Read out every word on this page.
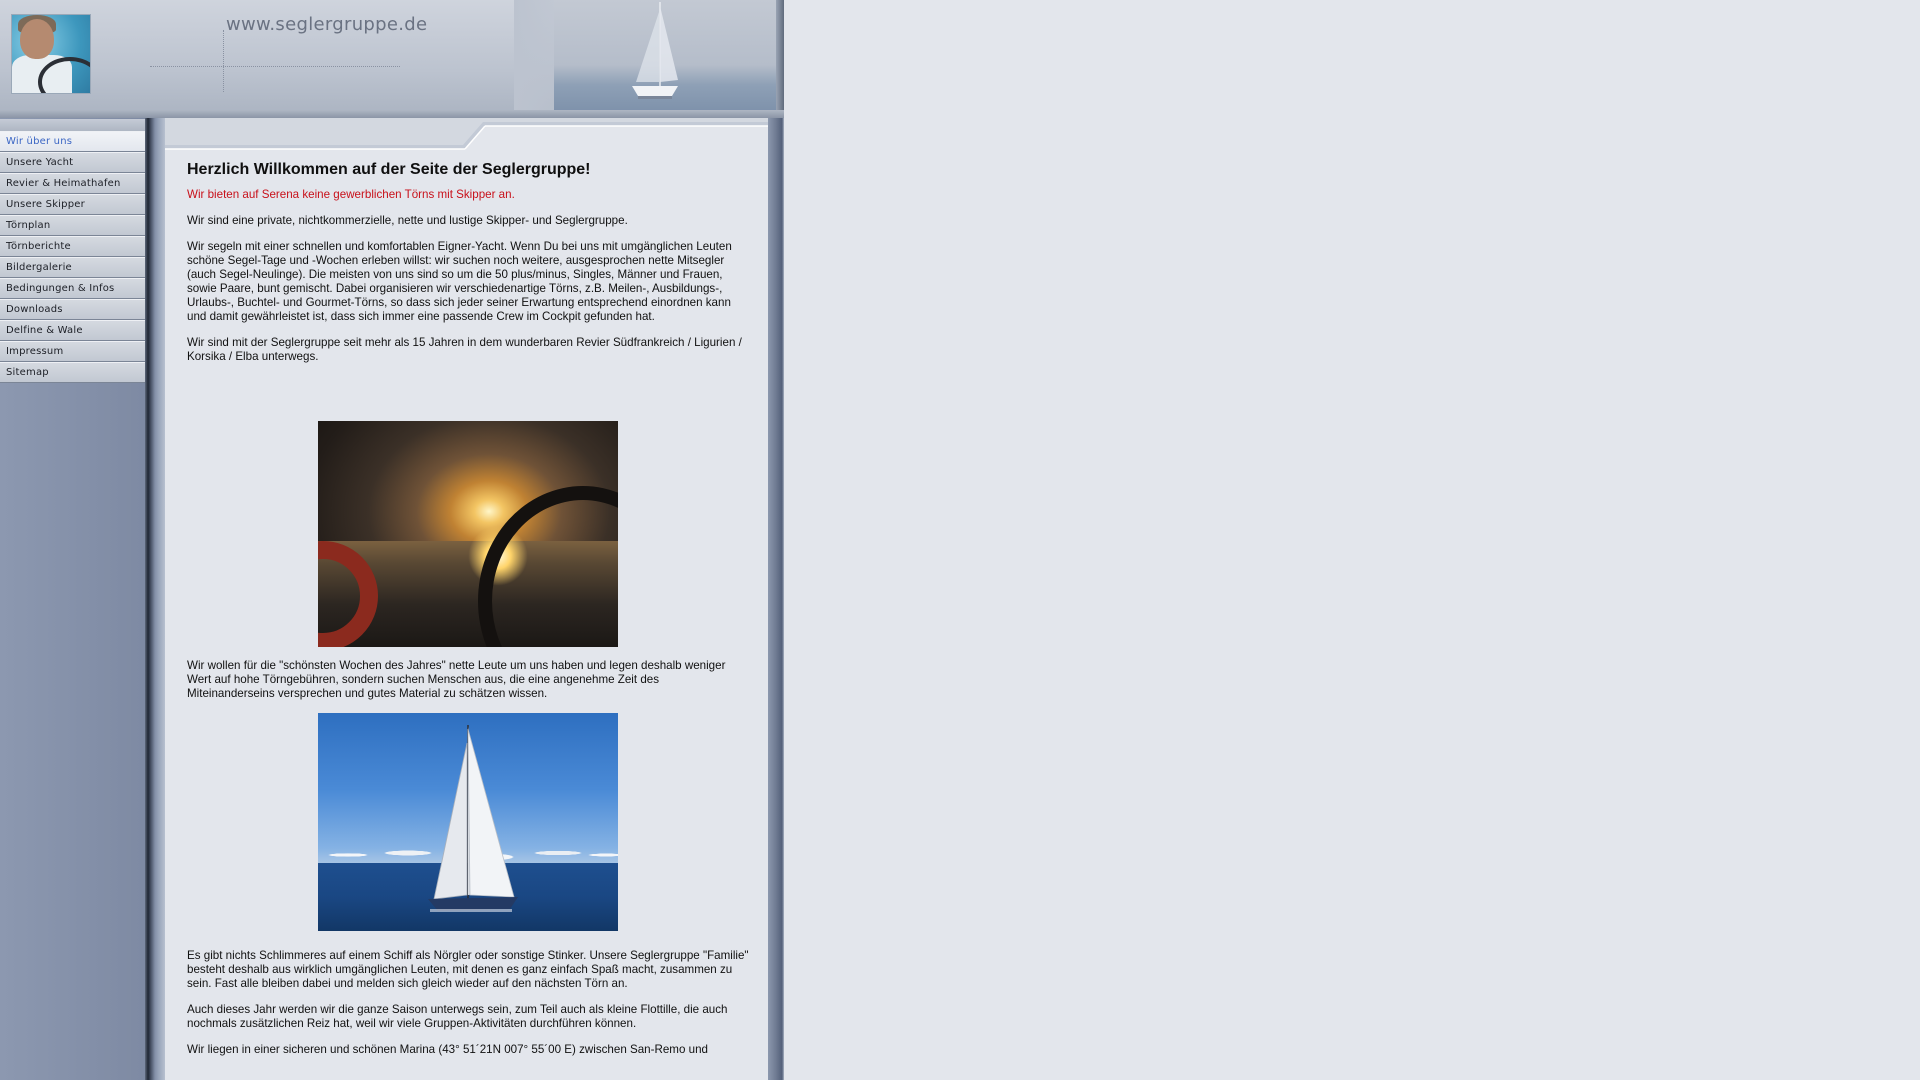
www.seglergruppe.de
Wir über uns
Unsere Yacht
Revier & Heimathafen
Unsere Skipper
Törnplan
Törnberichte
Bildergalerie
Bedingungen & Infos
Downloads
Delfine & Wale
Impressum
Sitemap
Herzlich Willkommen auf der Seite der Seglergruppe!

Wir bieten auf Serena keine gewerblichen Törns mit Skipper an.

Wir sind eine private, nichtkommerzielle, nette und lustige Skipper- und Seglergruppe.

Wir segeln mit einer schnellen und komfortablen Eigner-Yacht. Wenn Du bei uns mit umgänglichen Leuten schöne Segel-Tage und -Wochen erleben willst: wir suchen noch weitere, ausgesprochen nette Mitsegler (auch Segel-Neulinge). Die meisten von uns sind so um die 50 plus/minus, Singles, Männer und Frauen, sowie Paare, bunt gemischt. Dabei organisieren wir verschiedenartige Törns, z.B. Meilen-, Ausbildungs-, Urlaubs-, Buchtel- und Gourmet-Törns, so dass sich jeder seiner Erwartung entsprechend einordnen kann und damit gewährleistet ist, dass sich immer eine passende Crew im Cockpit gefunden hat.

Wir sind mit der Seglergruppe seit mehr als 15 Jahren in dem wunderbaren Revier Südfrankreich / Ligurien / Korsika / Elba unterwegs.

Wir wollen für die "schönsten Wochen des Jahres" nette Leute um uns haben und legen deshalb weniger Wert auf hohe Törngebühren, sondern suchen Menschen aus, die eine angenehme Zeit des Miteinanderseins versprechen und gutes Material zu schätzen wissen.

Es gibt nichts Schlimmeres auf einem Schiff als Nörgler oder sonstige Stinker. Unsere Seglergruppe "Familie" besteht deshalb aus wirklich umgänglichen Leuten, mit denen es ganz einfach Spaß macht, zusammen zu sein. Fast alle bleiben dabei und melden sich gleich wieder auf den nächsten Törn an.

Auch dieses Jahr werden wir die ganze Saison unterwegs sein, zum Teil auch als kleine Flottille, die auch nochmals zusätzlichen Reiz hat, weil wir viele Gruppen-Aktivitäten durchführen können.

Wir liegen in einer sicheren und schönen Marina (43° 51´21N 007° 55´00 E) zwischen San-Remo und
